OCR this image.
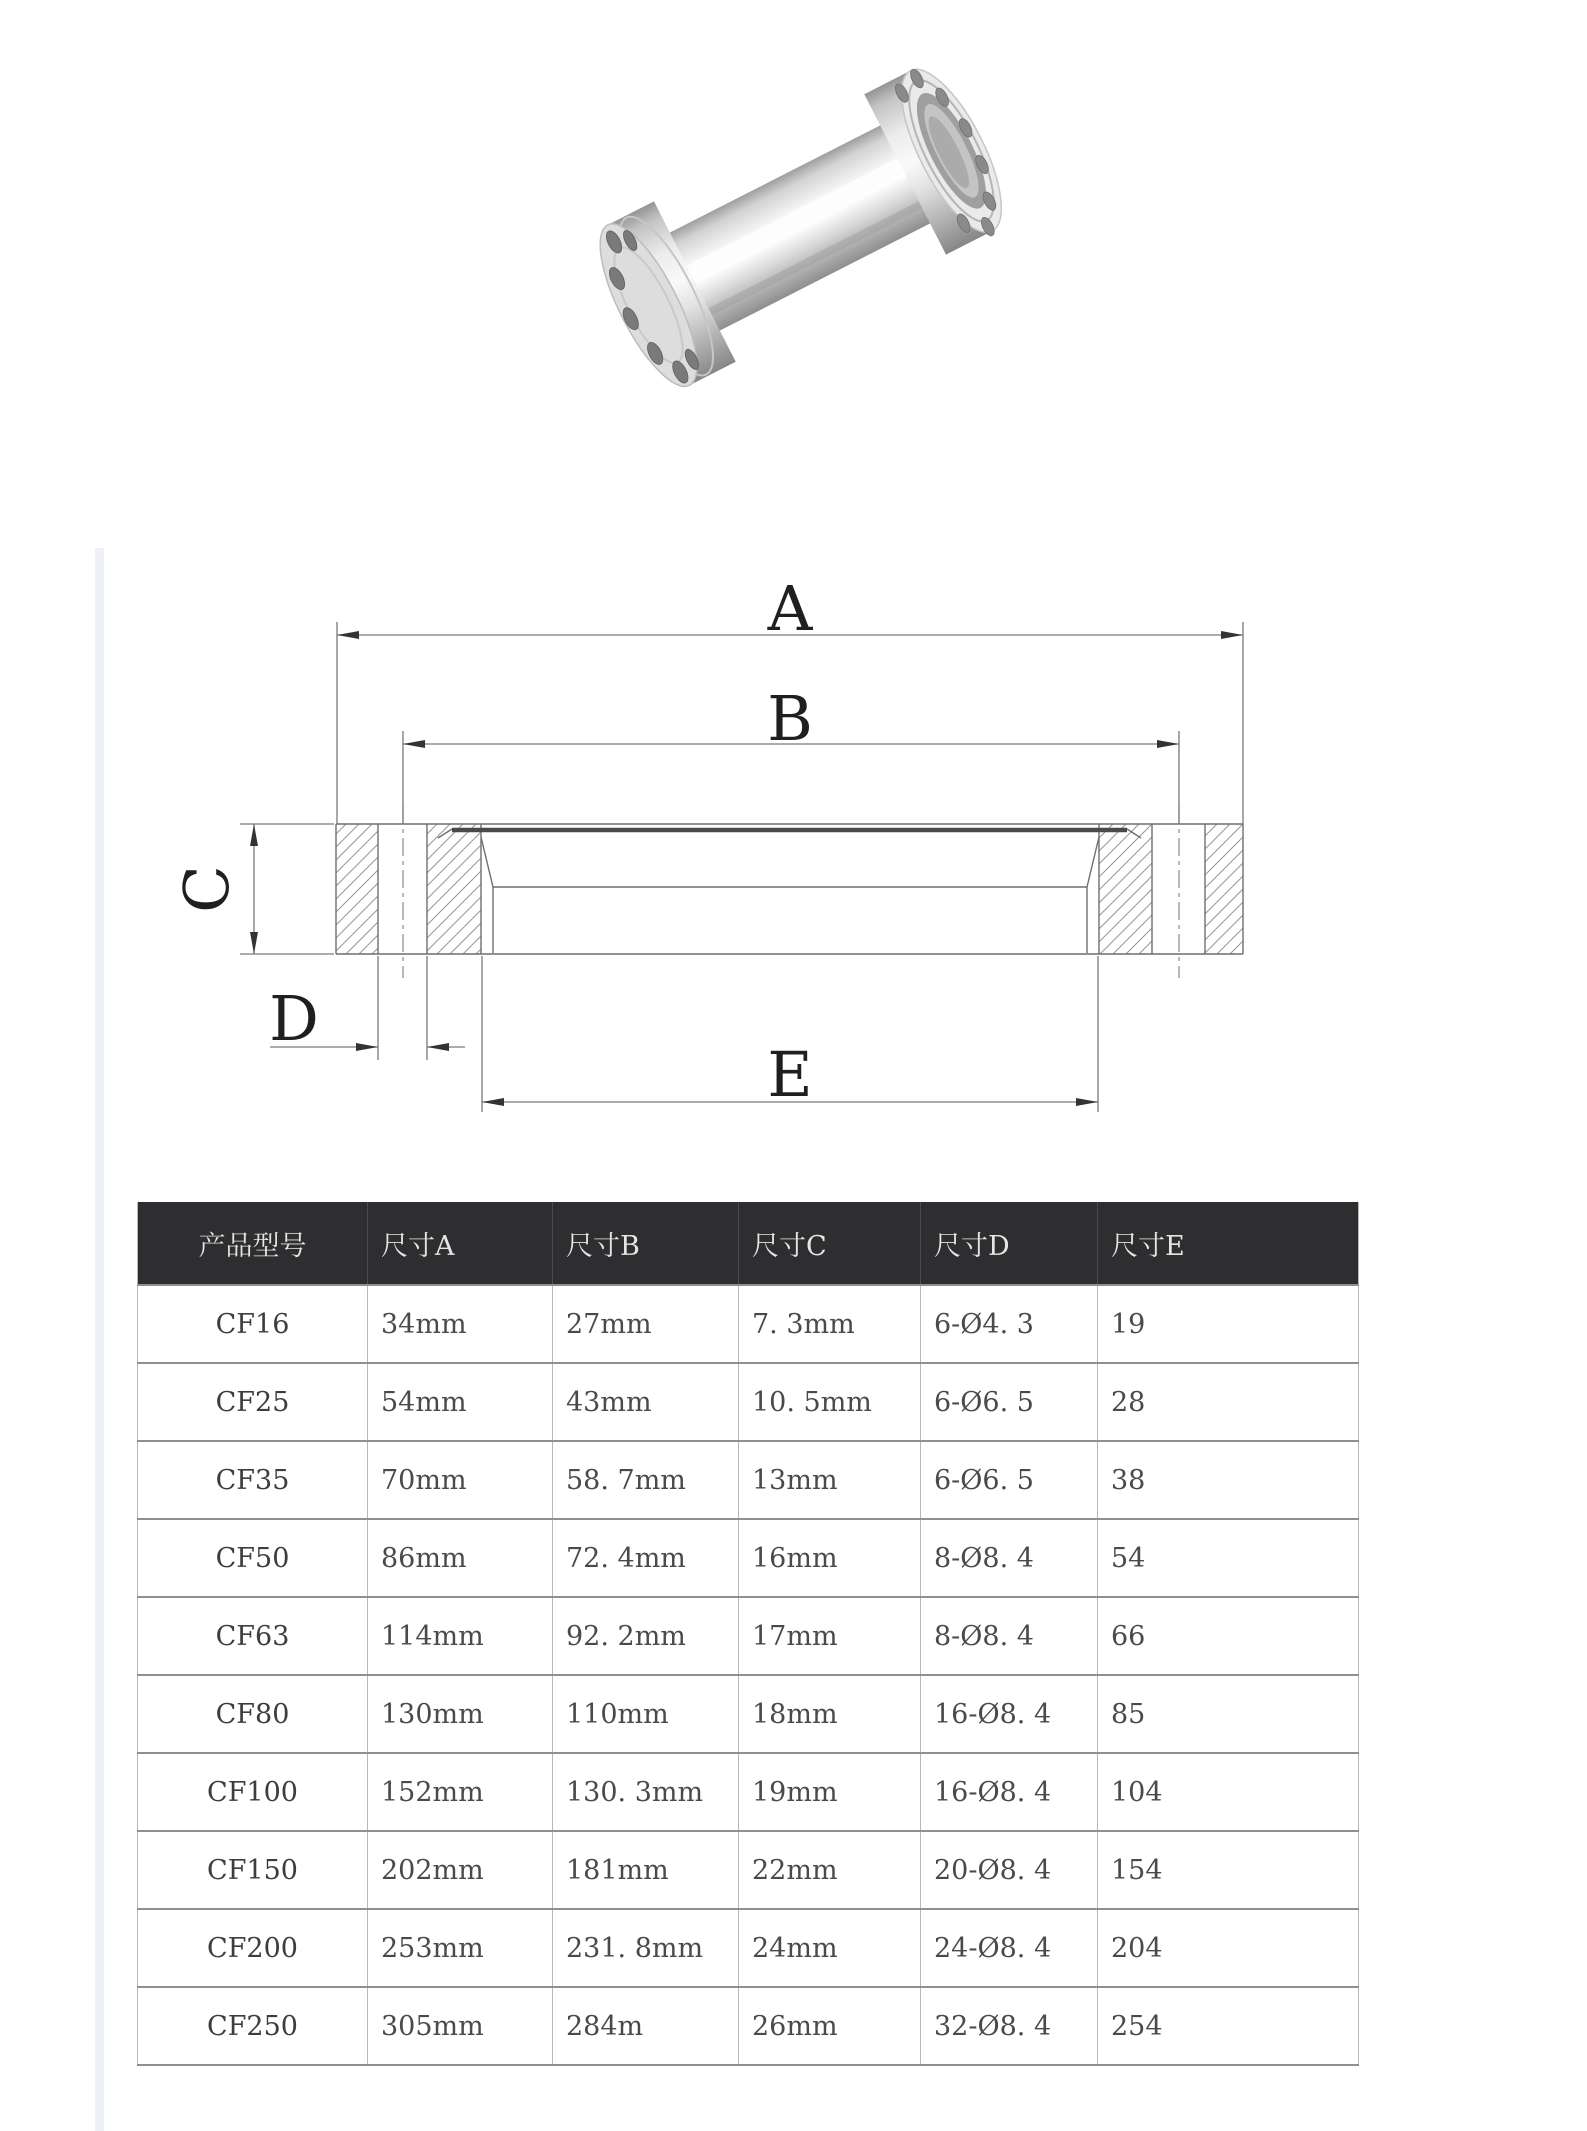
A
B
C
D
E
产品型号	尺寸A	尺寸B	尺寸C	尺寸D	尺寸E
CF16	34mm	27mm	7. 3mm	6-Ø4. 3	19
CF25	54mm	43mm	10. 5mm	6-Ø6. 5	28
CF35	70mm	58. 7mm	13mm	6-Ø6. 5	38
CF50	86mm	72. 4mm	16mm	8-Ø8. 4	54
CF63	114mm	92. 2mm	17mm	8-Ø8. 4	66
CF80	130mm	110mm	18mm	16-Ø8. 4	85
CF100	152mm	130. 3mm	19mm	16-Ø8. 4	104
CF150	202mm	181mm	22mm	20-Ø8. 4	154
CF200	253mm	231. 8mm	24mm	24-Ø8. 4	204
CF250	305mm	284m	26mm	32-Ø8. 4	254
